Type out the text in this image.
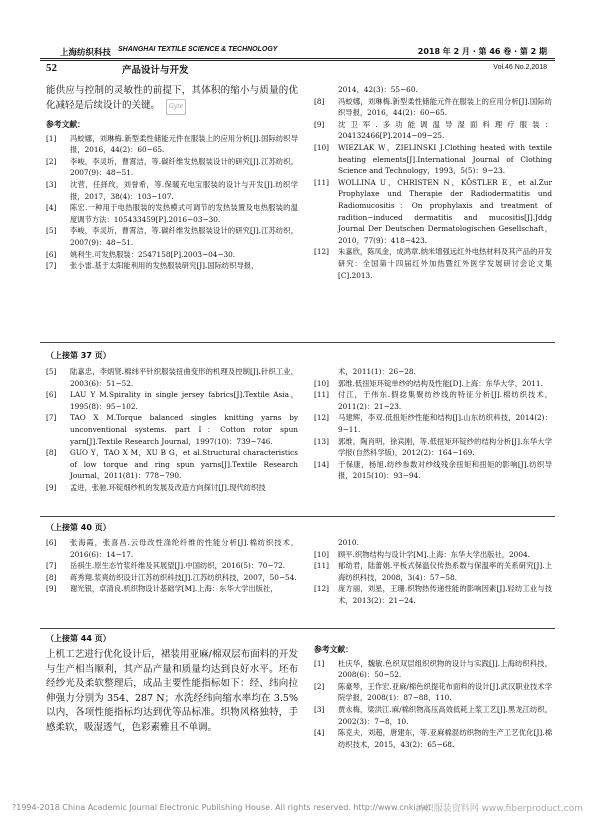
上海纺织科技 SHANGHAI TEXTILE SCIENCE & TECHNOLOGY	2018 年 2 月 · 第 46 卷 · 第 2 期
52	产品设计与开发	Vol.46 No.2,2018
能供应与控制的灵敏性的前提下，其体积的缩小与质量的优化减轻是后续设计的关键。 Gyte
参考文献：
[1]	冯蛟娜，刘琳梅.新型柔性储能元件在服装上的应用分析[J].国际纺织导报，2016，44(2)：60−65.
[2]	李峻，李灵圻，曹霄洁，等.碳纤维发热服装设计的研究[J].江苏纺织，2007(9)：48−51.
[3]	沈营，任择玫，刘誉希，等.保暖充电宝服装的设计与开发[J].纺织学报，2017，38(4)：103−107.
[4]	陈宏.一种用于电热服装的发热模式可调节的发热装置及电热服装的温度调节方法：105433459[P].2016−03−30.
[5]	李峻，李灵圻，曹霄洁，等.碳纤维发热服装设计的研究[J].江苏纺织，2007(9)：48−51.
[6]	姚利生.可发热服装：2547158[P].2003−04−30.
[7]	张小雷.基于太阳能利用的发热服装研究[J].国际纺织导报，
2014，42(3)：55−60.
[8]	冯蛟娜，刘琳梅.新型柔性储能元件在服装上的应用分析[J].国际纺织导报，2016，44(2)：60−65.
[9]	沈卫军.多功能调温导湿面料理疗服装：204132466[P].2014−09−25.
[10]	WIEZLAK W，ZIELINSKI J.Clothing heated with textile heating elements[J].International Journal of Clothing Science and Technology，1993，5(5)：9−23.
[11]	WOLLINA U，CHRISTEN N，KÖSTLER E，et al.Zur Prophylaxe und Therapie der Radiodermatitis und Radiomucositis：On prophylaxis and treatment of radition−induced dermatitis and mucositis[J].Jddg Journal Der Deutschen Dermatologischen Gesellschaft，2010，77(9)：418−423.
[12]	朱嘉欣，陈凤金，成鸿章.纳米增强远红外电热材料及其产品的开发研究：全国第十四届红外加热暨红外医学发展研讨会论文集[C].2013.
（上接第 37 页）
[5]	陆嘉忠，李炳贤.棉纬平针织服装扭曲变形的机理及控制[J].针织工业，2003(6)：51−52.
[6]	LAU Y M.Spirality in single jersey fabrics[J].Textile Asia，1995(8)：95−102.
[7]	TAO X M.Torque balanced singles knitting yarns by unconventional systems. part Ⅰ：Cotton rotor spun yarn[J].Textile Research Journal，1997(10)：739−746.
[8]	GUO Y，TAO X M，XU B G，et al.Structural characteristics of low torque and ring spun yarns[J].Textile Research Journal，2011(81)：778−790.
[9]	孟进，张驰.环锭细纱机的发展及改造方向探讨[J].现代纺织技
术，2011(1)：26−28.
[10]	郭维.低扭矩环锭单纱的结构及性能[D].上海：东华大学，2011.
[11]	付江，于伟东.假捻集聚纺纱线的特征分析[J].棉纺织技术，2011(2)：21−23.
[12]	马建辉，李双.低扭矩纱性能和结构[J].山东纺织科技，2014(2)：9−11.
[13]	郭维，陶肖明，徐宾刚，等.低扭矩环锭纱的结构分析[J].东华大学学报(自然科学版)，2012(2)：164−169.
[14]	于保康，杨旭.纺纱参数对纱线残余扭矩和扭矩的影响[J].纺织导报，2015(10)：93−94.
（上接第 40 页）
[6]	张海霞，张喜昌.云母改性涤纶纤维的性能分析[J].棉纺织技术，2016(6)：14−17.
[7]	岳祺生.原生态竹浆纤维及其展望[J].中国纺织，2016(5)：70−72.
[8]	蒋秀翔.浆爽纺织设计江苏纺织科技[J].江苏纺织科技，2007，50−54.
[9]	谢光银，卓清良.机织物设计基础学[M].上海：东华大学出版社，
2010.
[10]	顾平.织物结构与设计学[M].上海：东华大学出版社，2004.
[11]	郁幼君，陆蕾娟.平板式保温仪传热系数与保温率的关系研究[J].上海纺织科技，2008，3(4)：57−58.
[12]	庞方丽，刘星，王珊.织物热传递性能的影响因素[J].轻纺工业与技术，2013(2)：21−24.
（上接第 44 页）
上机工艺进行优化设计后，裙装用亚麻/棉双层布面料的开发与生产相当顺利，其产品产量和质量均达到良好水平。坯布经纱光及柔软整理后，成品主要性能指标如下：经、纬向拉伸强力分别为 354、287 N；水洗经纬向缩水率均在 3.5%以内，各项性能指标均达到优等品标准。织物风格独特，手感柔软，吸湿透气，色彩素雅且不单调。
参考文献：
[1]	杜庆华，魏敏.色织双层组织织物的设计与实践[J].上海纺织科技，2008(6)：50−52.
[2]	陈豪琴，王作宏.亚麻/棉色织提花布面料的设计[J].武汉职业技术学院学报，2008(1)：87−88，110.
[3]	贾永梅，梁洪江.麻/棉织物高压高效低耗上浆工艺[J].黑龙江纺织，2002(3)：7−8，10.
[4]	陈克夫，刘超，唐建东，等.亚麻棉混纺织物的生产工艺优化[J].棉纺织技术，2015，43(2)：65−68.
?1994-2018 China Academic Journal Electronic Publishing House. All rights reserved. http://www.cnki.net
纺织服装资料网 www.fiberproduct.com
